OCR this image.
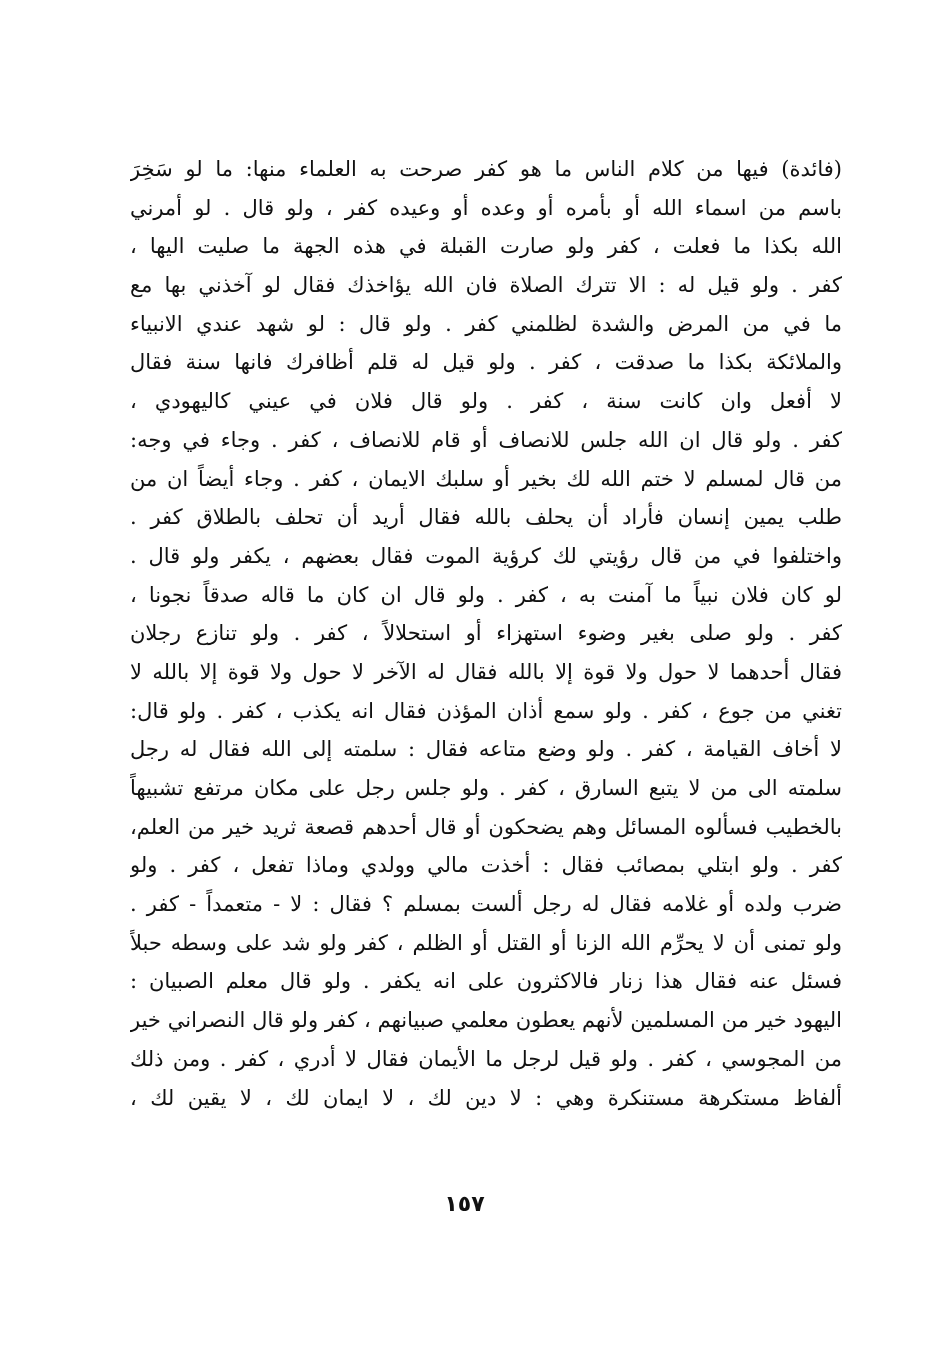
(فائدة) فيها من كلام الناس ما هو كفر صرحت به العلماء منها: ما لو سَخِرَ
باسم من اسماء الله أو بأمره أو وعده أو وعيده كفر ، ولو قال . لو أمرني
الله بكذا ما فعلت ، كفر ولو صارت القبلة في هذه الجهة ما صليت اليها ،
كفر . ولو قيل له : الا تترك الصلاة فان الله يؤاخذك فقال لو آخذني بها مع
ما في من المرض والشدة لظلمني كفر . ولو قال : لو شهد عندي الانبياء
والملائكة بكذا ما صدقت ، كفر . ولو قيل له قلم أظافرك فانها سنة فقال
لا أفعل وان كانت سنة ، كفر . ولو قال فلان في عيني كاليهودي ،
كفر . ولو قال ان الله جلس للانصاف أو قام للانصاف ، كفر . وجاء في وجه:
من قال لمسلم لا ختم الله لك بخير أو سلبك الايمان ، كفر . وجاء أيضاً ان من
طلب يمين إنسان فأراد أن يحلف بالله فقال أريد أن تحلف بالطلاق كفر .
واختلفوا في من قال رؤيتي لك كرؤية الموت فقال بعضهم ، يكفر ولو قال .
لو كان فلان نبياً ما آمنت به ، كفر . ولو قال ان كان ما قاله صدقاً نجونا ،
كفر . ولو صلى بغير وضوء استهزاء أو استحلالاً ، كفر . ولو تنازع رجلان
فقال أحدهما لا حول ولا قوة إلا بالله فقال له الآخر لا حول ولا قوة إلا بالله لا
تغني من جوع ، كفر . ولو سمع أذان المؤذن فقال انه يكذب ، كفر . ولو قال:
لا أخاف القيامة ، كفر . ولو وضع متاعه فقال : سلمته إلى الله فقال له رجل
سلمته الى من لا يتبع السارق ، كفر . ولو جلس رجل على مكان مرتفع تشبيهاً
بالخطيب فسألوه المسائل وهم يضحكون أو قال أحدهم قصعة ثريد خير من العلم،
كفر . ولو ابتلي بمصائب فقال : أخذت مالي وولدي وماذا تفعل ، كفر . ولو
ضرب ولده أو غلامه فقال له رجل ألست بمسلم ؟ فقال : لا - متعمداً - كفر .
ولو تمنى أن لا يحرِّم الله الزنا أو القتل أو الظلم ، كفر ولو شد على وسطه حبلاً
فسئل عنه فقال هذا زنار فالاكثرون على انه يكفر . ولو قال معلم الصبيان :
اليهود خير من المسلمين لأنهم يعطون معلمي صبيانهم ، كفر ولو قال النصراني خير
من المجوسي ، كفر . ولو قيل لرجل ما الأيمان فقال لا أدري ، كفر . ومن ذلك
ألفاظ مستكرهة مستنكرة وهي : لا دين لك ، لا ايمان لك ، لا يقين لك ،
١٥٧
